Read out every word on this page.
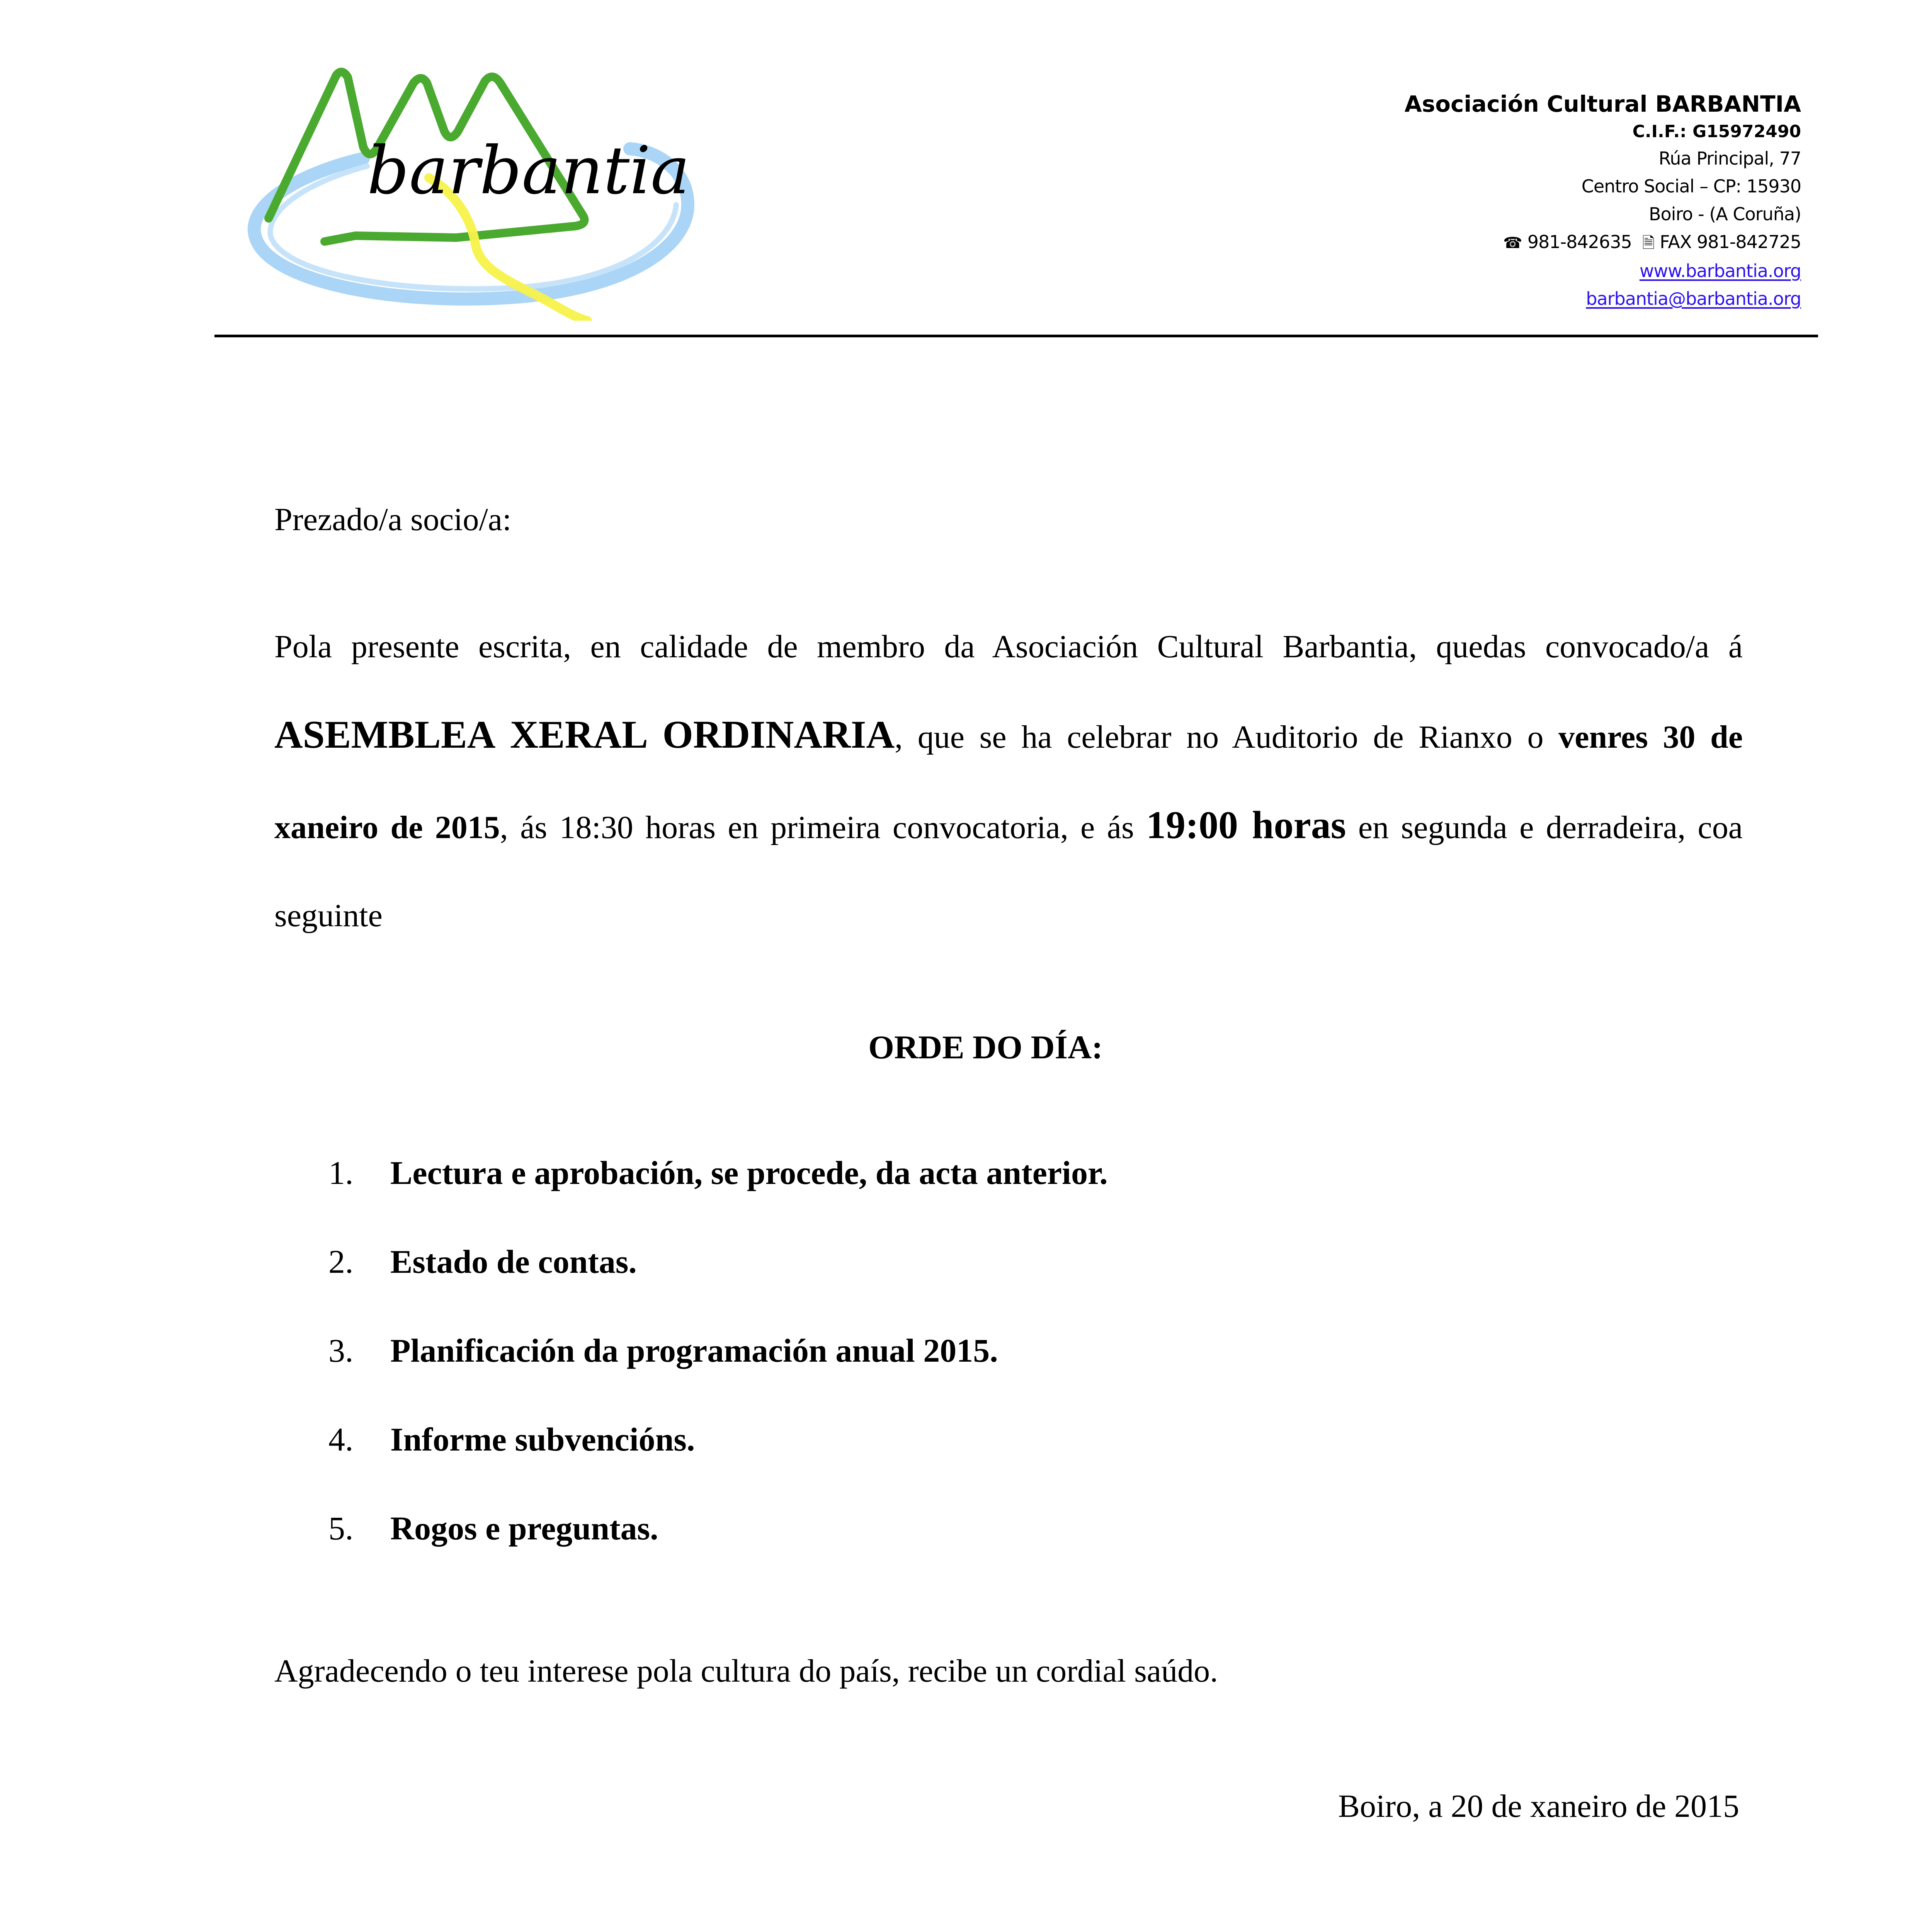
barbantia
Asociación Cultural BARBANTIA
C.I.F.: G15972490
Rúa Principal, 77
Centro Social – CP: 15930
Boiro - (A Coruña)
☎ 981-842635 🗎 FAX 981-842725
www.barbantia.org
barbantia@barbantia.org
Prezado/a socio/a:
Pola presente escrita, en calidade de membro da Asociación Cultural Barbantia, quedas convocado/a á ASEMBLEA XERAL ORDINARIA, que se ha celebrar no Auditorio de Rianxo o venres 30 de xaneiro de 2015, ás 18:30 horas en primeira convocatoria, e ás 19:00 horas en segunda e derradeira, coa seguinte
ORDE DO DÍA:
1. Lectura e aprobación, se procede, da acta anterior.
2. Estado de contas.
3. Planificación da programación anual 2015.
4. Informe subvencións.
5. Rogos e preguntas.
Agradecendo o teu interese pola cultura do país, recibe un cordial saúdo.
Boiro, a 20 de xaneiro de 2015
